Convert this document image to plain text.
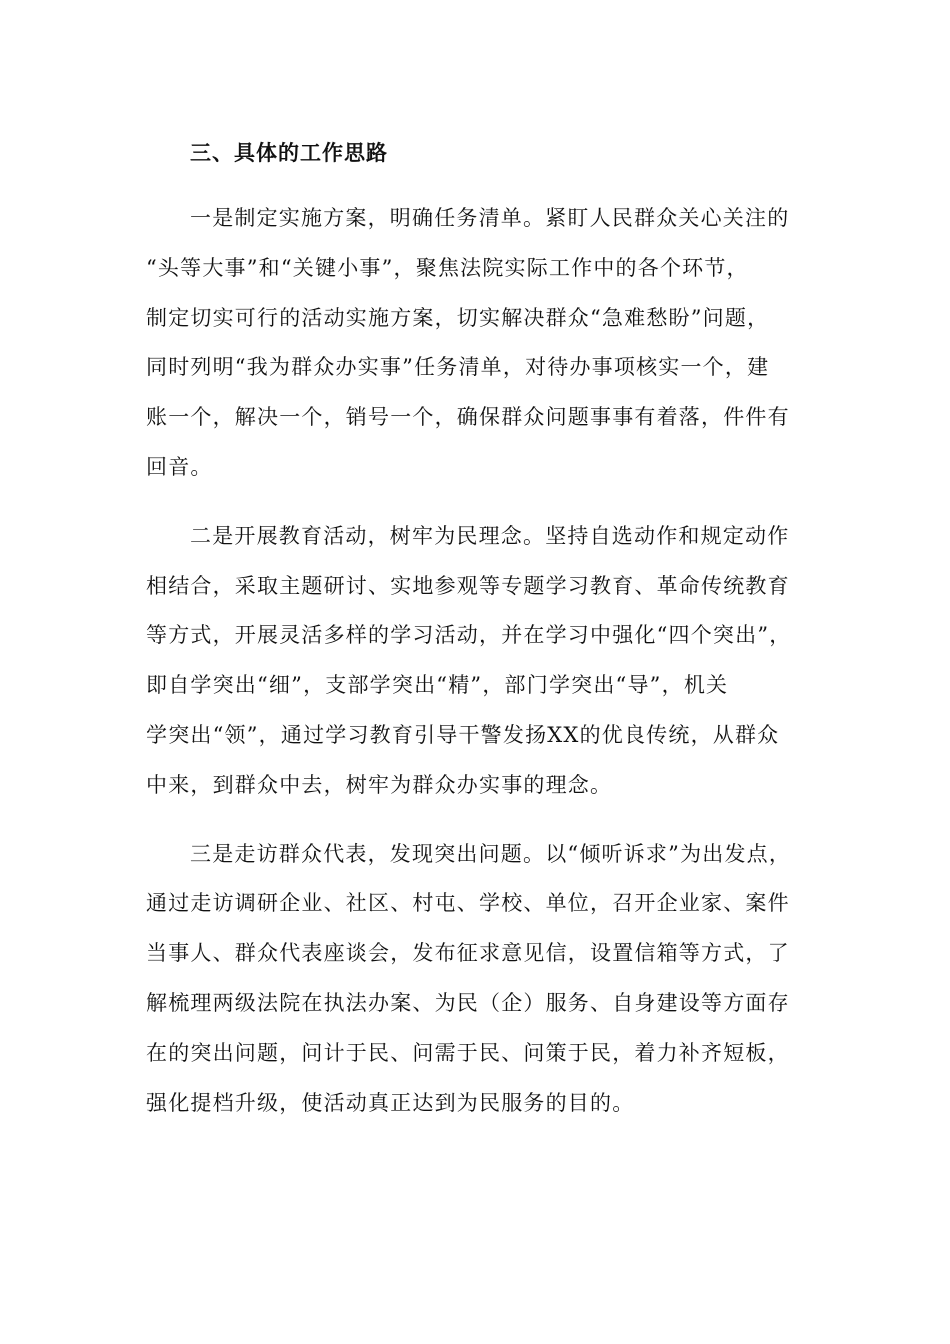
三、具体的工作思路
一是制定实施方案，明确任务清单。紧盯人民群众关心关注的
“头等大事”和“关键小事”，聚焦法院实际工作中的各个环节，
制定切实可行的活动实施方案，切实解决群众“急难愁盼”问题，
同时列明“我为群众办实事”任务清单，对待办事项核实一个，建
账一个，解决一个，销号一个，确保群众问题事事有着落，件件有
回音。
二是开展教育活动，树牢为民理念。坚持自选动作和规定动作
相结合，采取主题研讨、实地参观等专题学习教育、革命传统教育
等方式，开展灵活多样的学习活动，并在学习中强化“四个突出”，
即自学突出“细”，支部学突出“精”，部门学突出“导”，机关
学突出“领”，通过学习教育引导干警发扬XX的优良传统，从群众
中来，到群众中去，树牢为群众办实事的理念。
三是走访群众代表，发现突出问题。以“倾听诉求”为出发点，
通过走访调研企业、社区、村屯、学校、单位，召开企业家、案件
当事人、群众代表座谈会，发布征求意见信，设置信箱等方式，了
解梳理两级法院在执法办案、为民（企）服务、自身建设等方面存
在的突出问题，问计于民、问需于民、问策于民，着力补齐短板，
强化提档升级，使活动真正达到为民服务的目的。
